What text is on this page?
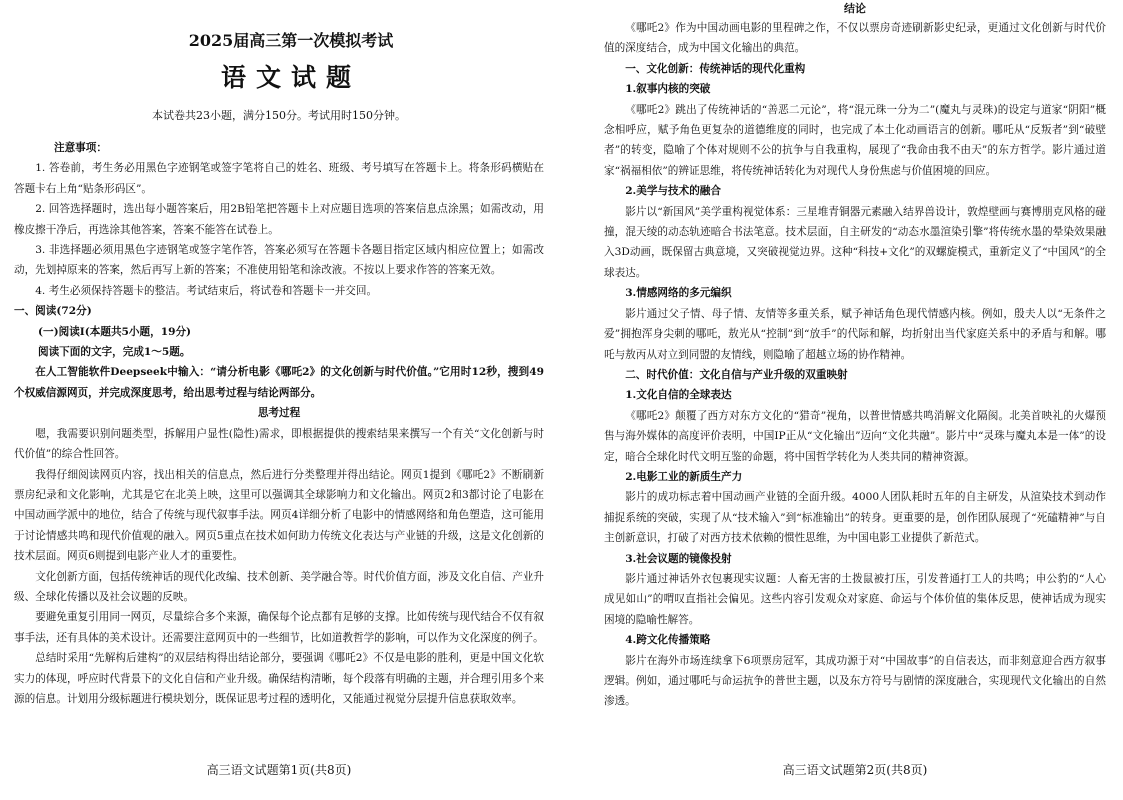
2025届高三第一次模拟考试

语文试题

本试卷共23小题，满分150分。考试用时150分钟。

注意事项：

1. 答卷前，考生务必用黑色字迹钢笔或签字笔将自己的姓名、班级、考号填写在答题卡上。将条形码横贴在答题卡右上角“贴条形码区”。

2. 回答选择题时，选出每小题答案后，用2B铅笔把答题卡上对应题目选项的答案信息点涂黑；如需改动，用橡皮擦干净后，再选涂其他答案，答案不能答在试卷上。

3. 非选择题必须用黑色字迹钢笔或签字笔作答，答案必须写在答题卡各题目指定区域内相应位置上；如需改动，先划掉原来的答案，然后再写上新的答案；不准使用铅笔和涂改液。不按以上要求作答的答案无效。

4. 考生必须保持答题卡的整洁。考试结束后，将试卷和答题卡一并交回。

一、阅读(72分)

(一)阅读Ⅰ(本题共5小题，19分)

阅读下面的文字，完成1～5题。

在人工智能软件Deepseek中输入：“请分析电影《哪吒2》的文化创新与时代价值。”它用时12秒，搜到49个权威信源网页，并完成深度思考，给出思考过程与结论两部分。

思考过程

嗯，我需要识别问题类型，拆解用户显性(隐性)需求，即根据提供的搜索结果来撰写一个有关“文化创新与时代价值”的综合性回答。

我得仔细阅读网页内容，找出相关的信息点，然后进行分类整理并得出结论。网页1提到《哪吒2》不断刷新票房纪录和文化影响，尤其是它在北美上映，这里可以强调其全球影响力和文化输出。网页2和3都讨论了电影在中国动画学派中的地位，结合了传统与现代叙事手法。网页4详细分析了电影中的情感网络和角色塑造，这可能用于讨论情感共鸣和现代价值观的融入。网页5重点在技术如何助力传统文化表达与产业链的升级，这是文化创新的技术层面。网页6则提到电影产业人才的重要性。

文化创新方面，包括传统神话的现代化改编、技术创新、美学融合等。时代价值方面，涉及文化自信、产业升级、全球化传播以及社会议题的反映。

要避免重复引用同一网页，尽量综合多个来源，确保每个论点都有足够的支撑。比如传统与现代结合不仅有叙事手法，还有具体的美术设计。还需要注意网页中的一些细节，比如道教哲学的影响，可以作为文化深度的例子。

总结时采用“先解构后建构”的双层结构得出结论部分，要强调《哪吒2》不仅是电影的胜利，更是中国文化软实力的体现，呼应时代背景下的文化自信和产业升级。确保结构清晰，每个段落有明确的主题，并合理引用多个来源的信息。计划用分级标题进行模块划分，既保证思考过程的透明化，又能通过视觉分层提升信息获取效率。

结论

《哪吒2》作为中国动画电影的里程碑之作，不仅以票房奇迹刷新影史纪录，更通过文化创新与时代价值的深度结合，成为中国文化输出的典范。

一、文化创新：传统神话的现代化重构

1.叙事内核的突破

《哪吒2》跳出了传统神话的“善恶二元论”，将“混元珠一分为二”(魔丸与灵珠)的设定与道家“阴阳”概念相呼应，赋予角色更复杂的道德维度的同时，也完成了本土化动画语言的创新。哪吒从“反叛者”到“破壁者”的转变，隐喻了个体对规则不公的抗争与自我重构，展现了“我命由我不由天”的东方哲学。影片通过道家“祸福相依”的辨证思维，将传统神话转化为对现代人身份焦虑与价值困境的回应。

2.美学与技术的融合

影片以“新国风”美学重构视觉体系：三星堆青铜器元素融入结界兽设计，敦煌壁画与赛博朋克风格的碰撞，混天绫的动态轨迹暗合书法笔意。技术层面，自主研发的“动态水墨渲染引擎”将传统水墨的晕染效果融入3D动画，既保留古典意境，又突破视觉边界。这种“科技+文化”的双螺旋模式，重新定义了“中国风”的全球表达。

3.情感网络的多元编织

影片通过父子情、母子情、友情等多重关系，赋予神话角色现代情感内核。例如，殷夫人以“无条件之爱”拥抱浑身尖刺的哪吒，敖光从“控制”到“放手”的代际和解，均折射出当代家庭关系中的矛盾与和解。哪吒与敖丙从对立到同盟的友情线，则隐喻了超越立场的协作精神。

二、时代价值：文化自信与产业升级的双重映射

1.文化自信的全球表达

《哪吒2》颠覆了西方对东方文化的“猎奇”视角，以普世情感共鸣消解文化隔阂。北美首映礼的火爆预售与海外媒体的高度评价表明，中国IP正从“文化输出”迈向“文化共融”。影片中“灵珠与魔丸本是一体”的设定，暗合全球化时代文明互鉴的命题，将中国哲学转化为人类共同的精神资源。

2.电影工业的新质生产力

影片的成功标志着中国动画产业链的全面升级。4000人团队耗时五年的自主研发，从渲染技术到动作捕捉系统的突破，实现了从“技术输入”到“标准输出”的转身。更重要的是，创作团队展现了“死磕精神”与自主创新意识，打破了对西方技术依赖的惯性思维，为中国电影工业提供了新范式。

3.社会议题的镜像投射

影片通过神话外衣包裹现实议题：人畜无害的土拨鼠被打压，引发普通打工人的共鸣；申公豹的“人心成见如山”的喟叹直指社会偏见。这些内容引发观众对家庭、命运与个体价值的集体反思，使神话成为现实困境的隐喻性解答。

4.跨文化传播策略

影片在海外市场连续拿下6项票房冠军，其成功源于对“中国故事”的自信表达，而非刻意迎合西方叙事逻辑。例如，通过哪吒与命运抗争的普世主题，以及东方符号与剧情的深度融合，实现现代文化输出的自然渗透。

高三语文试题第1页(共8页)	高三语文试题第2页(共8页)
